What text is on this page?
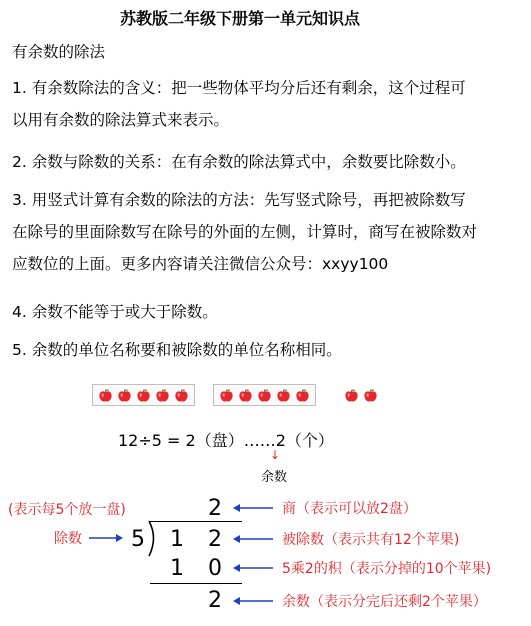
苏教版二年级下册第一单元知识点
有余数的除法
1. 有余数除法的含义：把一些物体平均分后还有剩余，这个过程可
以用有余数的除法算式来表示。
2. 余数与除数的关系：在有余数的除法算式中，余数要比除数小。
3. 用竖式计算有余数的除法的方法：先写竖式除号，再把被除数写
在除号的里面除数写在除号的外面的左侧，计算时，商写在被除数对
应数位的上面。更多内容请关注微信公众号：xxyy100
4. 余数不能等于或大于除数。
5. 余数的单位名称要和被除数的单位名称相同。
12÷5 = 2（盘）……2（个）
↓
余数
(表示每5个放一盘)
除数
2
5 1 2
1 0
2
商（表示可以放2盘）
被除数（表示共有12个苹果)
5乘2的积（表示分掉的10个苹果)
余数（表示分完后还剩2个苹果）
